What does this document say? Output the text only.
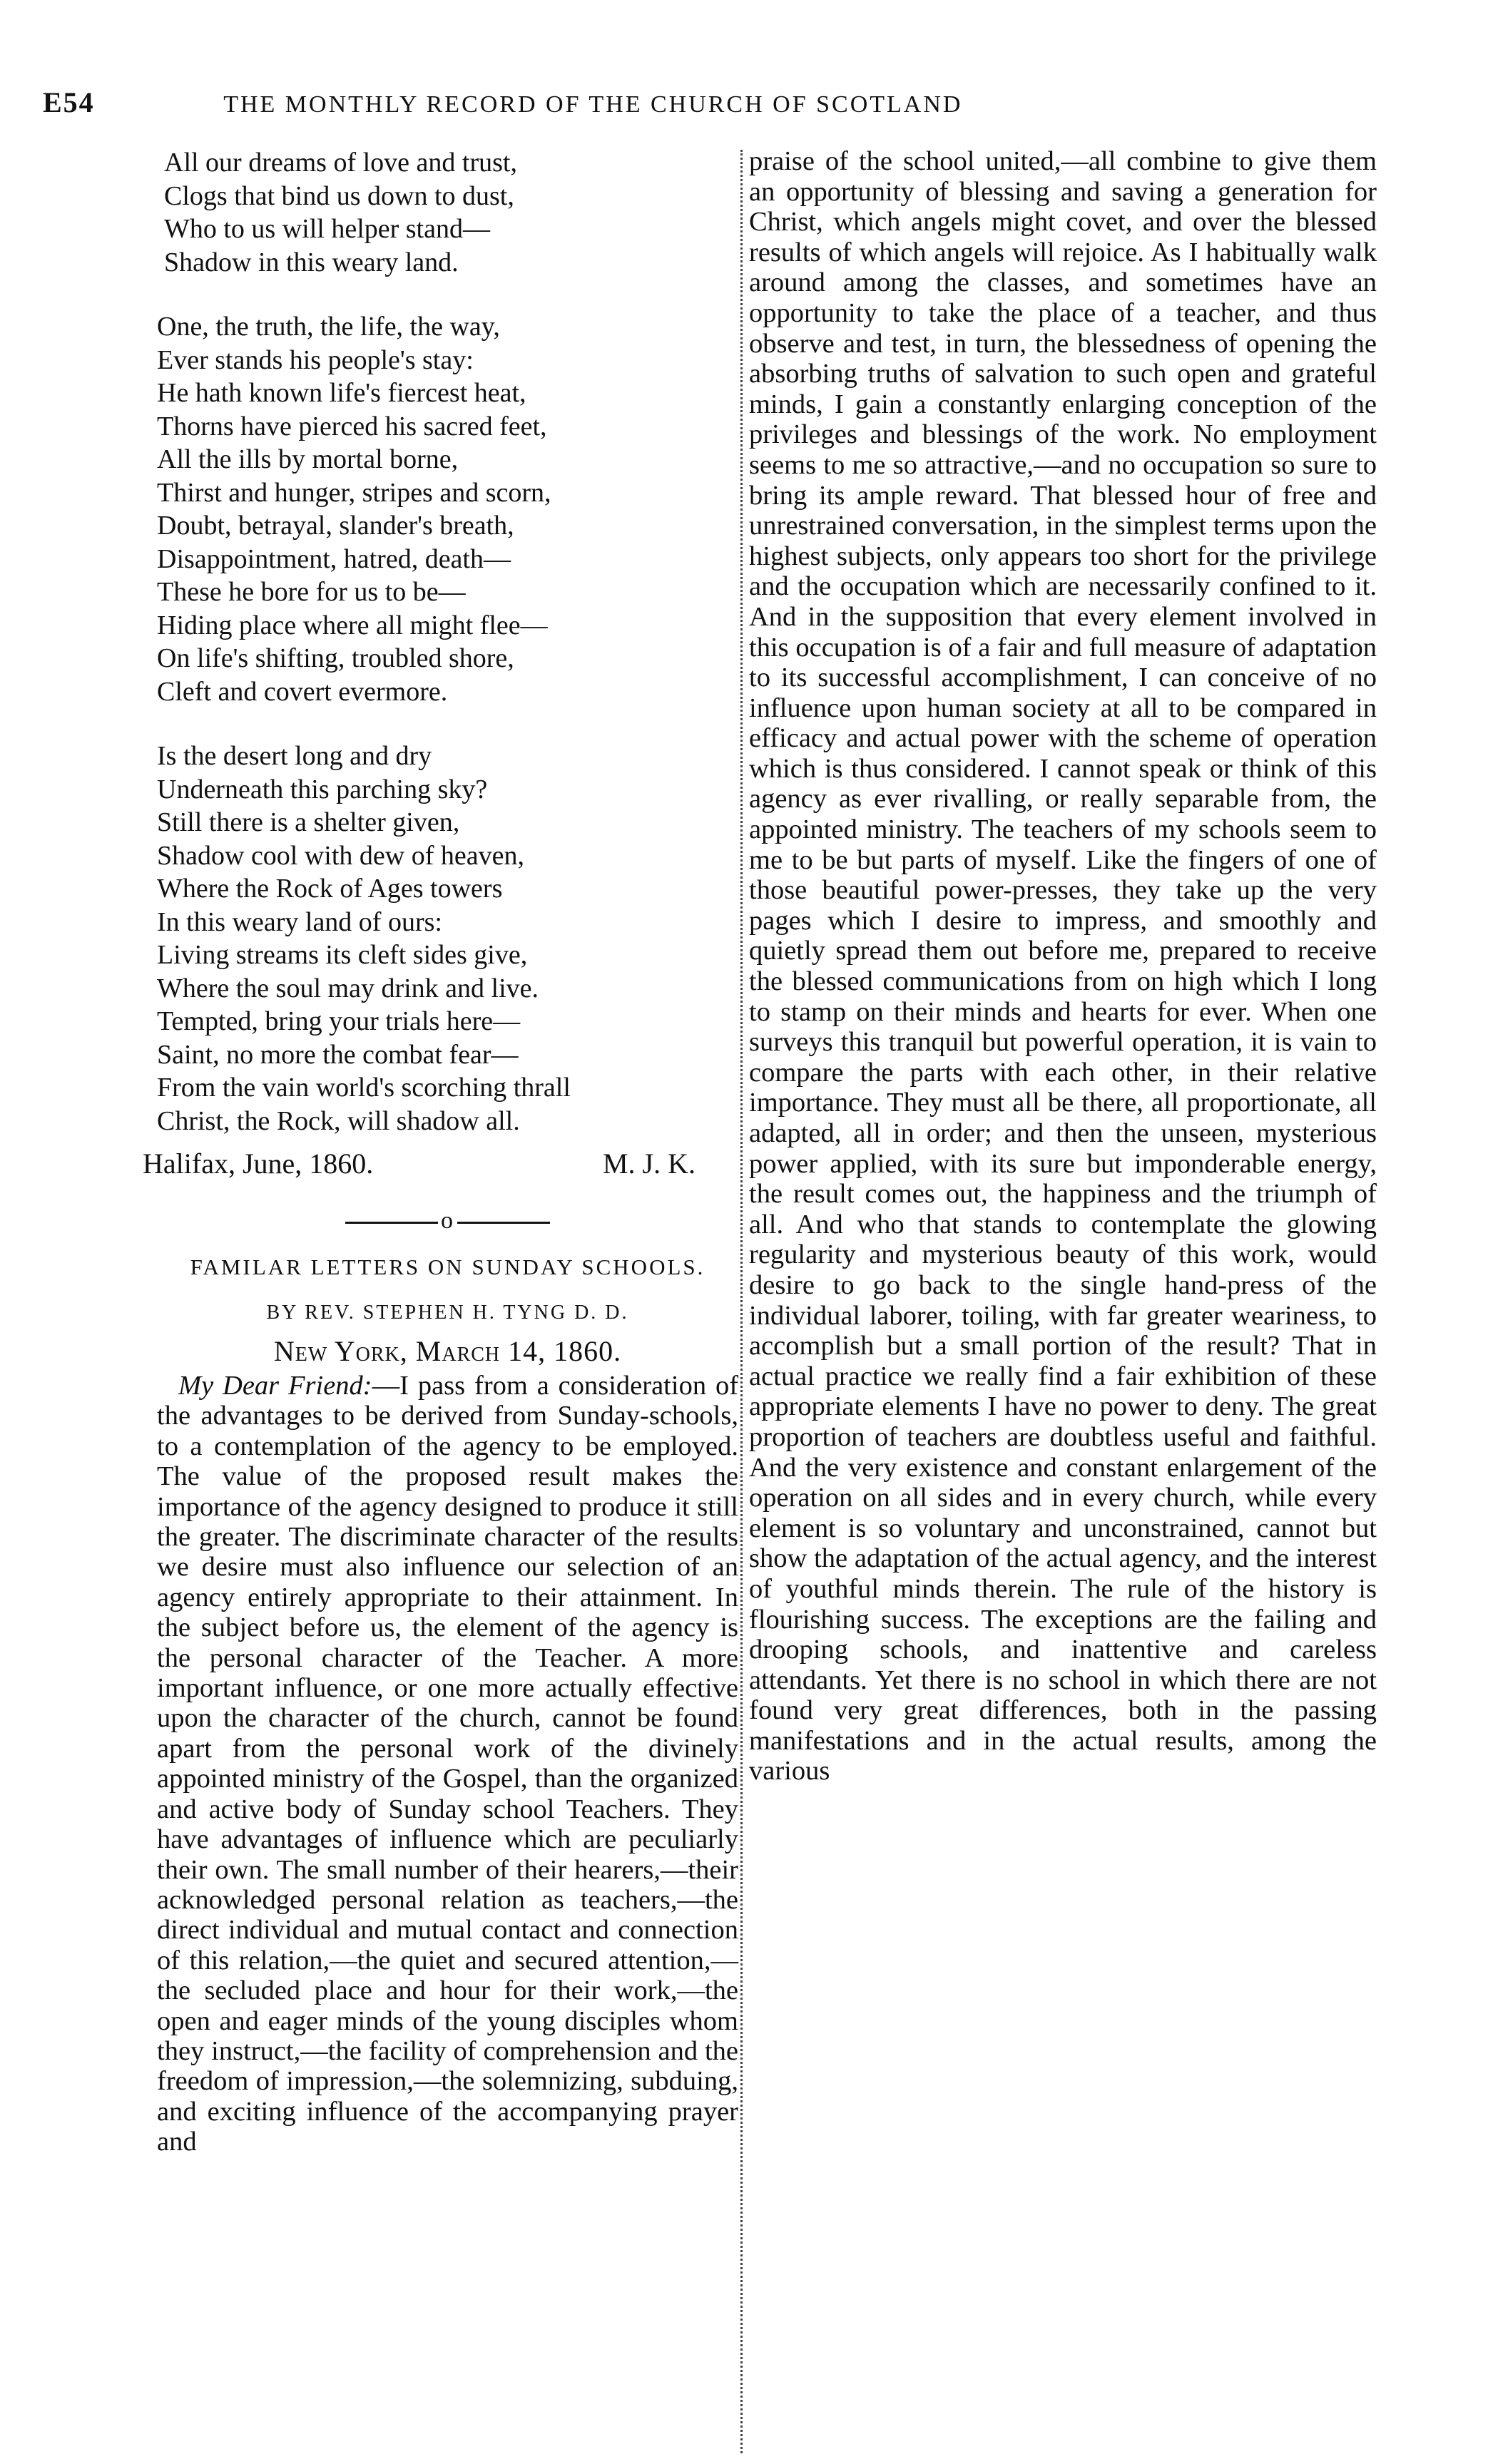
E54	THE MONTHLY RECORD OF THE CHURCH OF SCOTLAND
All our dreams of love and trust,
Clogs that bind us down to dust,
Who to us will helper stand—
Shadow in this weary land.
One, the truth, the life, the way,
Ever stands his people's stay:
He hath known life's fiercest heat,
Thorns have pierced his sacred feet,
All the ills by mortal borne,
Thirst and hunger, stripes and scorn,
Doubt, betrayal, slander's breath,
Disappointment, hatred, death—
These he bore for us to be—
Hiding place where all might flee—
On life's shifting, troubled shore,
Cleft and covert evermore.
Is the desert long and dry
Underneath this parching sky?
Still there is a shelter given,
Shadow cool with dew of heaven,
Where the Rock of Ages towers
In this weary land of ours:
Living streams its cleft sides give,
Where the soul may drink and live.
Tempted, bring your trials here—
Saint, no more the combat fear—
From the vain world's scorching thrall
Christ, the Rock, will shadow all.
Halifax, June, 1860.	M. J. K.
o
FAMILAR LETTERS ON SUNDAY SCHOOLS.
BY REV. STEPHEN H. TYNG D. D.
New York, March 14, 1860.

My Dear Friend:—I pass from a consideration of the advantages to be derived from Sunday-schools, to a contemplation of the agency to be employed. The value of the proposed result makes the importance of the agency designed to produce it still the greater. The discriminate character of the results we desire must also influence our selection of an agency entirely appropriate to their attainment. In the subject before us, the element of the agency is the personal character of the Teacher. A more important influence, or one more actually effective upon the character of the church, cannot be found apart from the personal work of the divinely appointed ministry of the Gospel, than the organized and active body of Sunday school Teachers. They have advantages of influence which are peculiarly their own. The small number of their hearers,—their acknowledged personal relation as teachers,—the direct individual and mutual contact and connection of this relation,—the quiet and secured attention,—the secluded place and hour for their work,—the open and eager minds of the young disciples whom they instruct,—the facility of comprehension and the freedom of impression,—the solemnizing, subduing, and exciting influence of the accompanying prayer and

praise of the school united,—all combine to give them an opportunity of blessing and saving a generation for Christ, which angels might covet, and over the blessed results of which angels will rejoice. As I habitually walk around among the classes, and sometimes have an opportunity to take the place of a teacher, and thus observe and test, in turn, the blessedness of opening the absorbing truths of salvation to such open and grateful minds, I gain a constantly enlarging conception of the privileges and blessings of the work. No employment seems to me so attractive,—and no occupation so sure to bring its ample reward. That blessed hour of free and unrestrained conversation, in the simplest terms upon the highest subjects, only appears too short for the privilege and the occupation which are necessarily confined to it. And in the supposition that every element involved in this occupation is of a fair and full measure of adaptation to its successful accomplishment, I can conceive of no influence upon human society at all to be compared in efficacy and actual power with the scheme of operation which is thus considered. I cannot speak or think of this agency as ever rivalling, or really separable from, the appointed ministry. The teachers of my schools seem to me to be but parts of myself. Like the fingers of one of those beautiful power-presses, they take up the very pages which I desire to impress, and smoothly and quietly spread them out before me, prepared to receive the blessed communications from on high which I long to stamp on their minds and hearts for ever. When one surveys this tranquil but powerful operation, it is vain to compare the parts with each other, in their relative importance. They must all be there, all proportionate, all adapted, all in order; and then the unseen, mysterious power applied, with its sure but imponderable energy, the result comes out, the happiness and the triumph of all. And who that stands to contemplate the glowing regularity and mysterious beauty of this work, would desire to go back to the single hand-press of the individual laborer, toiling, with far greater weariness, to accomplish but a small portion of the result? That in actual practice we really find a fair exhibition of these appropriate elements I have no power to deny. The great proportion of teachers are doubtless useful and faithful. And the very existence and constant enlargement of the operation on all sides and in every church, while every element is so voluntary and unconstrained, cannot but show the adaptation of the actual agency, and the interest of youthful minds therein. The rule of the history is flourishing success. The exceptions are the failing and drooping schools, and inattentive and careless attendants. Yet there is no school in which there are not found very great differences, both in the passing manifestations and in the actual results, among the various
